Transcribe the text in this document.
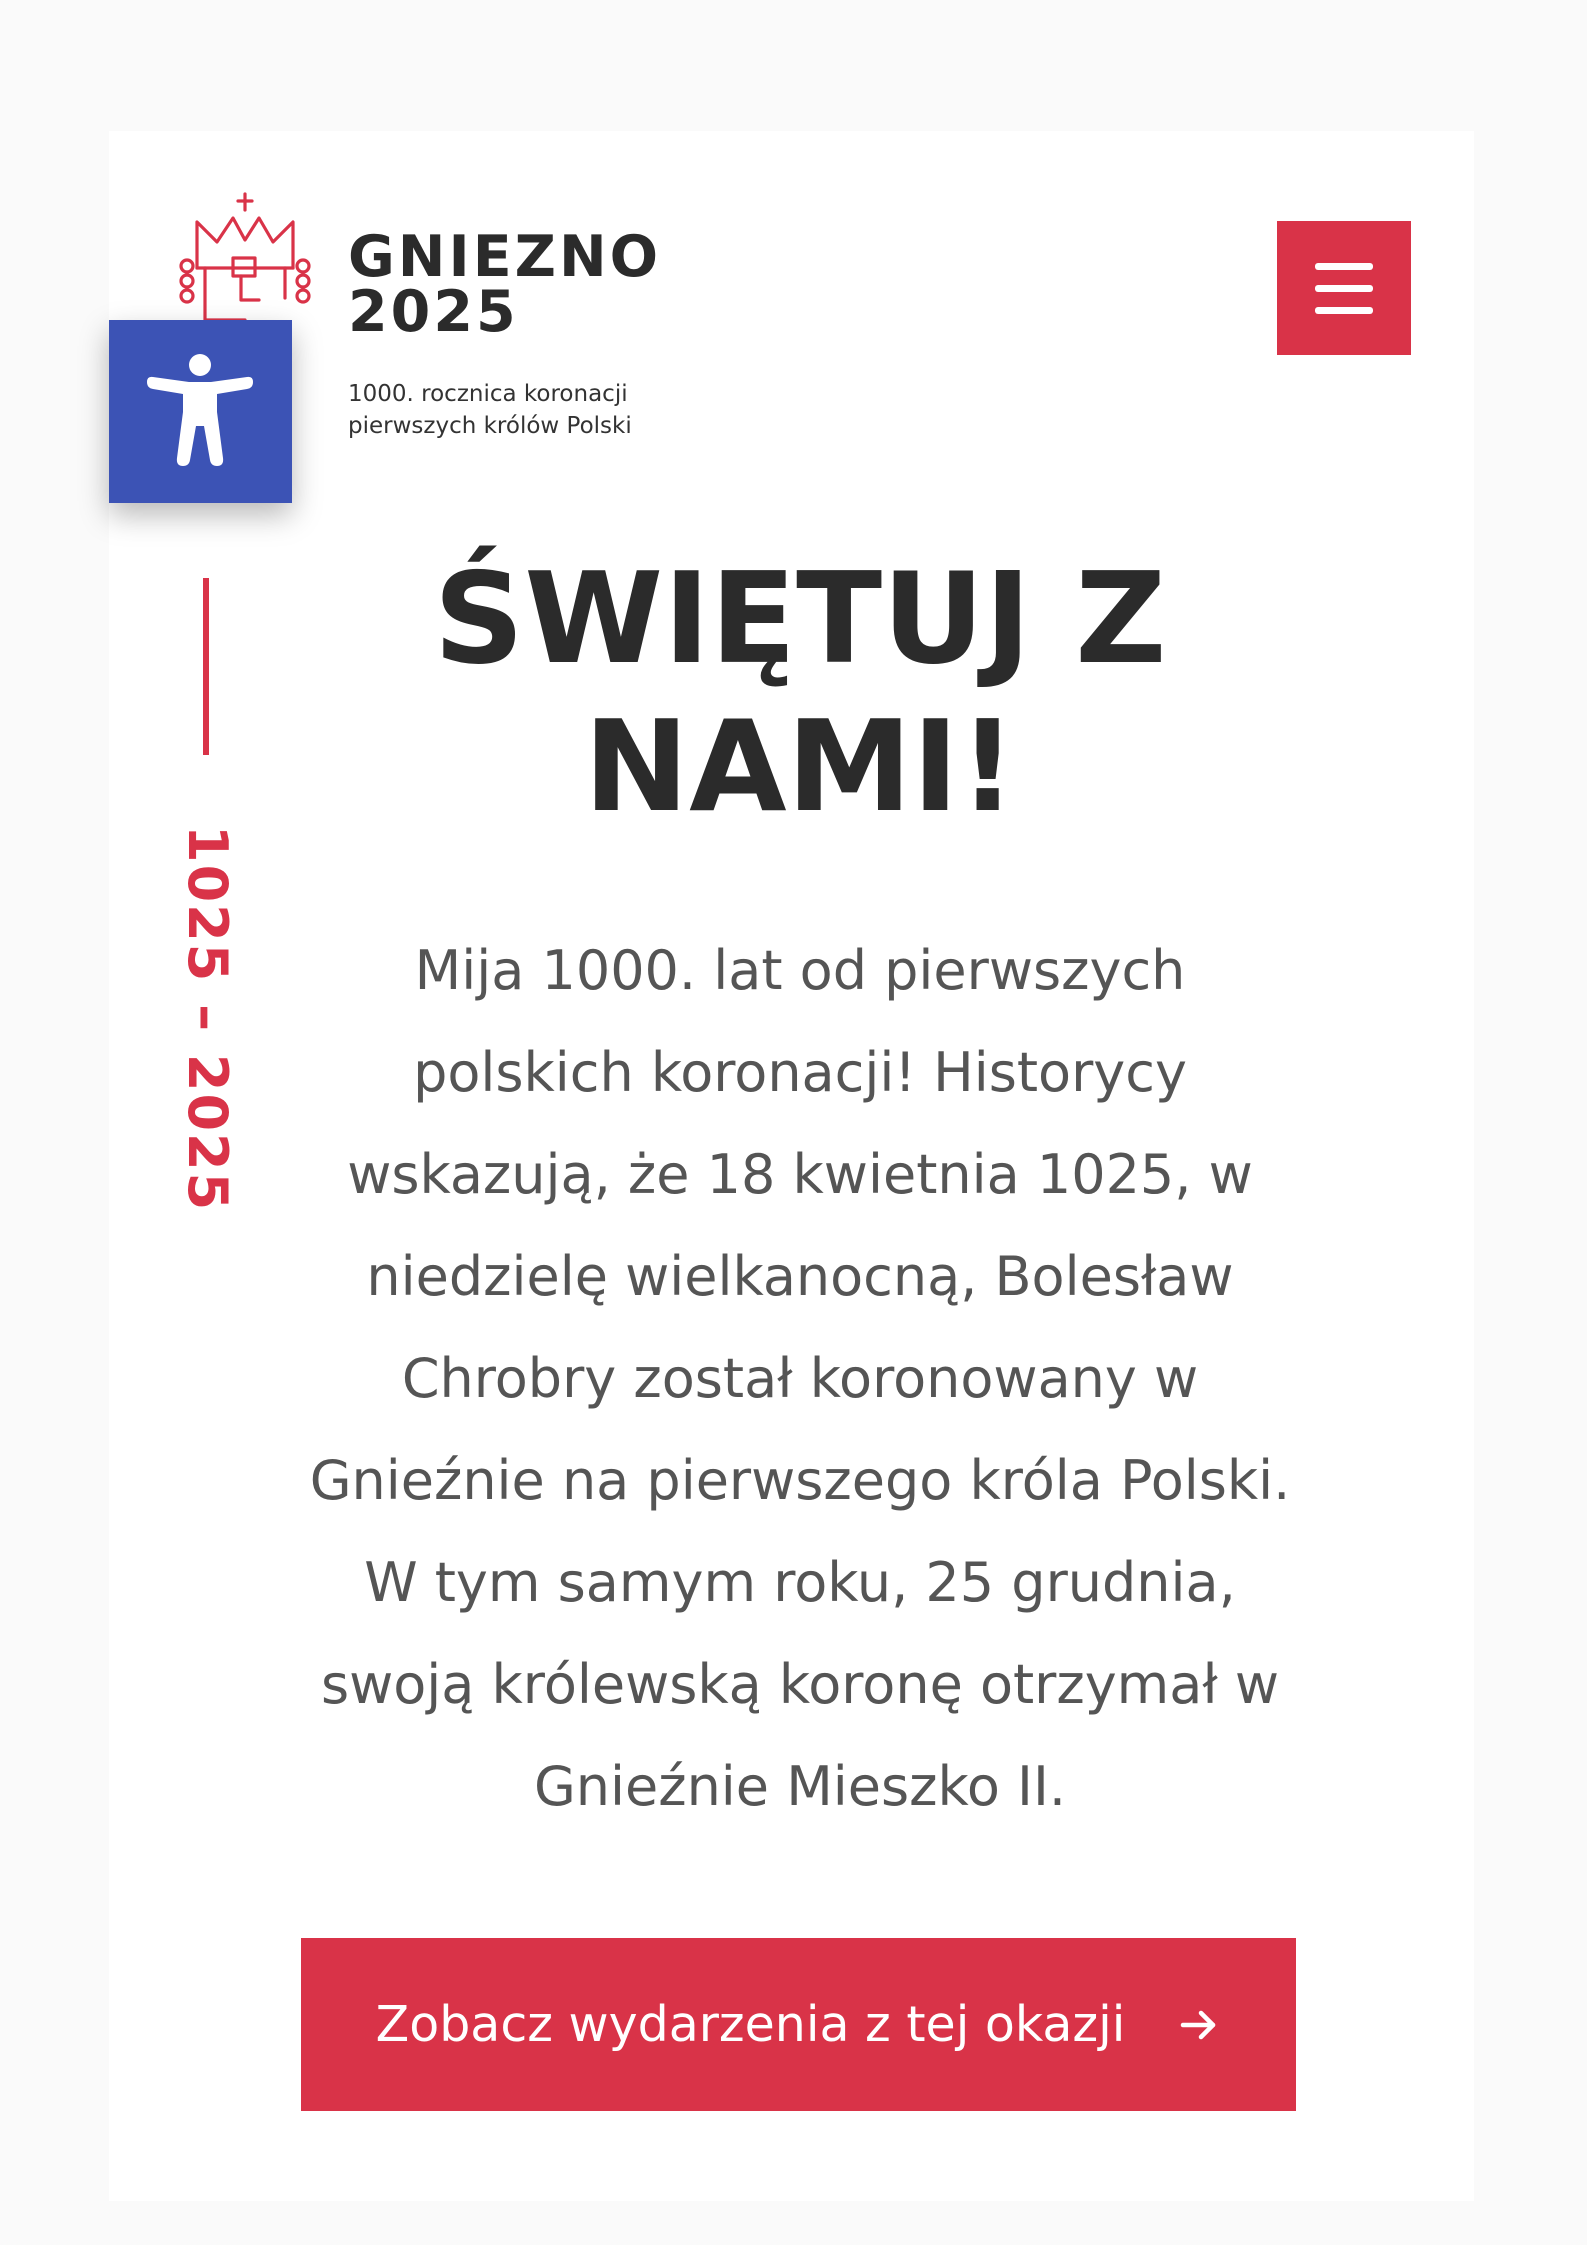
GNIEZNO
2025
1000. rocznica koronacji
pierwszych królów Polski
1025 – 2025
ŚWIĘTUJ Z
NAMI!
Mija 1000. lat od pierwszych
polskich koronacji! Historycy
wskazują, że 18 kwietnia 1025, w
niedzielę wielkanocną, Bolesław
Chrobry został koronowany w
Gnieźnie na pierwszego króla Polski.
W tym samym roku, 25 grudnia,
swoją królewską koronę otrzymał w
Gnieźnie Mieszko II.
Zobacz wydarzenia z tej okazji
